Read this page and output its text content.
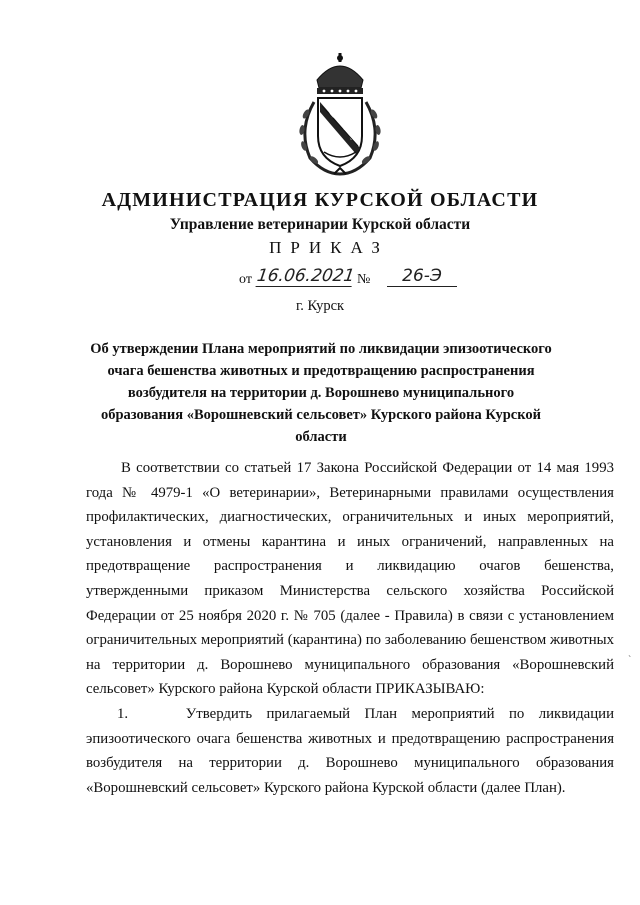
АДМИНИСТРАЦИЯ КУРСКОЙ ОБЛАСТИ
Управление ветеринарии Курской области
ПРИКАЗ
от 16.06.2021 №	26-Э
г. Курск
Об утверждении Плана мероприятий по ликвидации эпизоотического очага бешенства животных и предотвращению распространения возбудителя на территории д. Ворошнево муниципального образования «Ворошневский сельсовет» Курского района Курской области

В соответствии со статьей 17 Закона Российской Федерации от 14 мая 1993 года № 4979-1 «О ветеринарии», Ветеринарными правилами осуществления профилактических, диагностических, ограничительных и иных мероприятий, установления и отмены карантина и иных ограничений, направленных на предотвращение распространения и ликвидацию очагов бешенства, утвержденными приказом Министерства сельского хозяйства Российской Федерации от 25 ноября 2020 г. № 705 (далее - Правила) в связи с установлением ограничительных мероприятий (карантина) по заболеванию бешенством животных на территории д. Ворошнево муниципального образования «Ворошневский сельсовет» Курского района Курской области ПРИКАЗЫВАЮ:

1.    Утвердить прилагаемый План мероприятий по ликвидации эпизоотического очага бешенства животных и предотвращению распространения возбудителя на территории д. Ворошнево муниципального образования «Ворошневский сельсовет» Курского района Курской области (далее План).

`
